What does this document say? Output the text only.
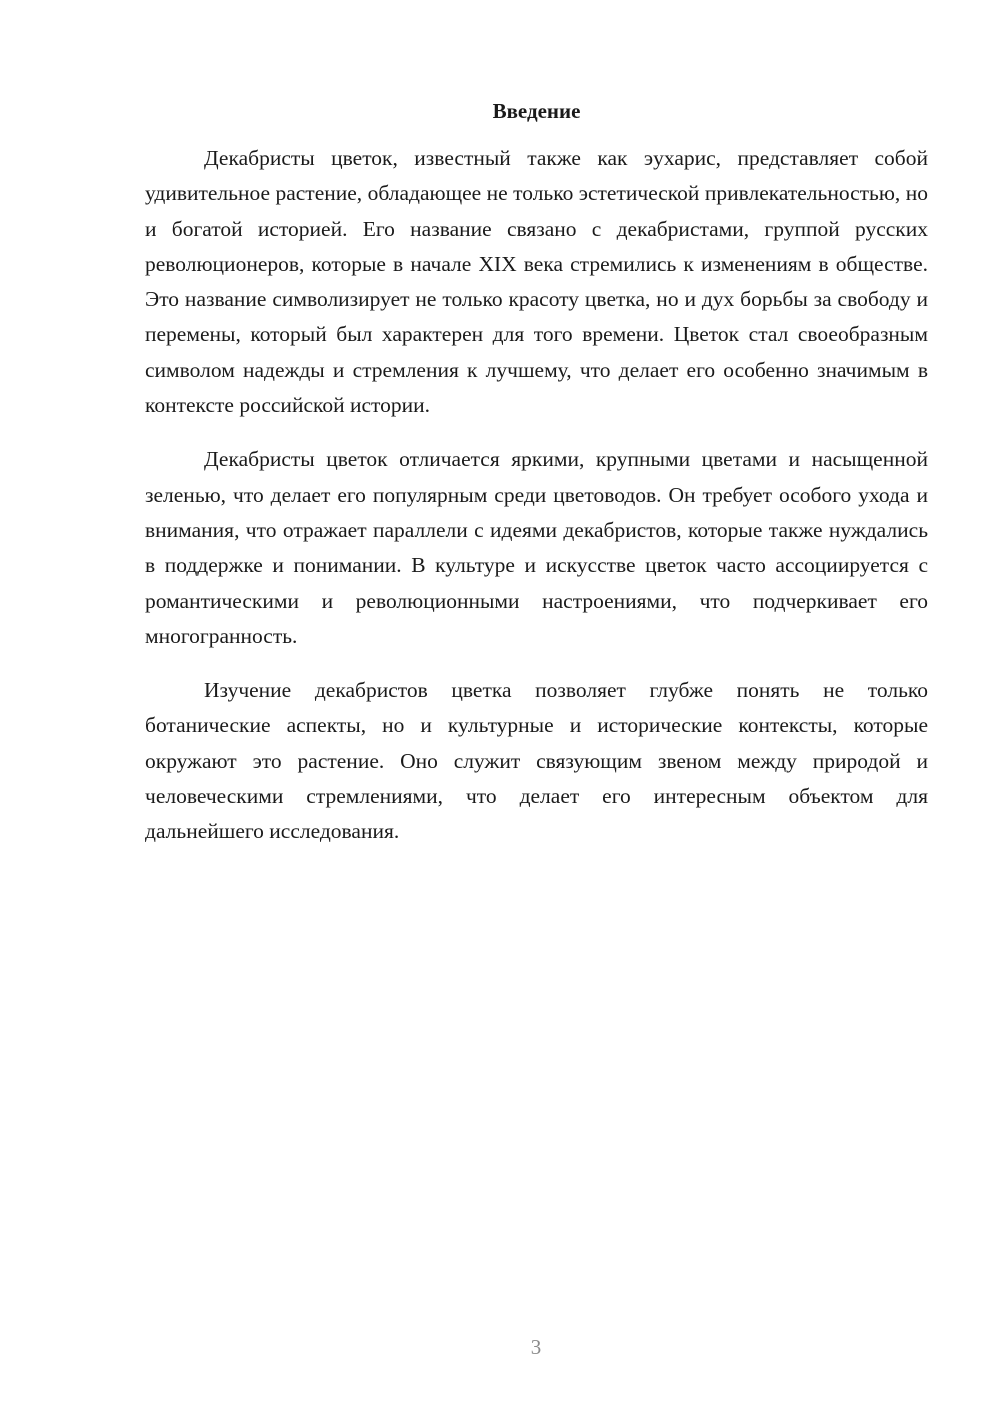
Введение

Декабристы цветок, известный также как эухарис, представляет собой удивительное растение, обладающее не только эстетической привлекательностью, но и богатой историей. Его название связано с декабристами, группой русских революционеров, которые в начале XIX века стремились к изменениям в обществе. Это название символизирует не только красоту цветка, но и дух борьбы за свободу и перемены, который был характерен для того времени. Цветок стал своеобразным символом надежды и стремления к лучшему, что делает его особенно значимым в контексте российской истории.

Декабристы цветок отличается яркими, крупными цветами и насыщенной зеленью, что делает его популярным среди цветоводов. Он требует особого ухода и внимания, что отражает параллели с идеями декабристов, которые также нуждались в поддержке и понимании. В культуре и искусстве цветок часто ассоциируется с романтическими и революционными настроениями, что подчеркивает его многогранность.

Изучение декабристов цветка позволяет глубже понять не только ботанические аспекты, но и культурные и исторические контексты, которые окружают это растение. Оно служит связующим звеном между природой и человеческими стремлениями, что делает его интересным объектом для дальнейшего исследования.

3
